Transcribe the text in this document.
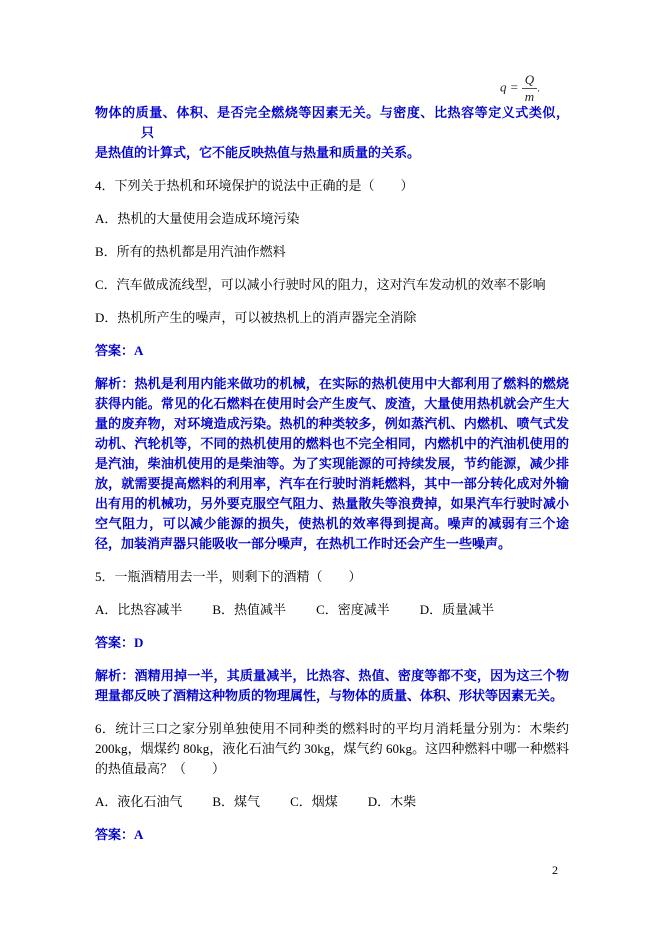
$q = \frac{Q}{m}$ .
物体的质量、体积、是否完全燃烧等因素无关。与密度、比热容等定义式类似，只
是热值的计算式，它不能反映热值与热量和质量的关系。

4．下列关于热机和环境保护的说法中正确的是（　　）

A．热机的大量使用会造成环境污染

B．所有的热机都是用汽油作燃料

C．汽车做成流线型，可以减小行驶时风的阻力，这对汽车发动机的效率不影响

D．热机所产生的噪声，可以被热机上的消声器完全消除

答案：A

解析：热机是利用内能来做功的机械，在实际的热机使用中大都利用了燃料的燃烧获得内能。常见的化石燃料在使用时会产生废气、废渣，大量使用热机就会产生大量的废弃物，对环境造成污染。热机的种类较多，例如蒸汽机、内燃机、喷气式发动机、汽轮机等，不同的热机使用的燃料也不完全相同，内燃机中的汽油机使用的是汽油，柴油机使用的是柴油等。为了实现能源的可持续发展，节约能源，减少排放，就需要提高燃料的利用率，汽车在行驶时消耗燃料，其中一部分转化成对外输出有用的机械功，另外要克服空气阻力、热量散失等浪费掉，如果汽车行驶时减小空气阻力，可以减少能源的损失，使热机的效率得到提高。噪声的减弱有三个途径，加装消声器只能吸收一部分噪声，在热机工作时还会产生一些噪声。

5．一瓶酒精用去一半，则剩下的酒精（　　）

A．比热容减半 B．热值减半 C．密度减半 D．质量减半

答案：D

解析：酒精用掉一半，其质量减半，比热容、热值、密度等都不变，因为这三个物理量都反映了酒精这种物质的物理属性，与物体的质量、体积、形状等因素无关。

6．统计三口之家分别单独使用不同种类的燃料时的平均月消耗量分别为：木柴约 200kg，烟煤约 80kg，液化石油气约 30kg，煤气约 60kg。这四种燃料中哪一种燃料的热值最高？（　　）

A．液化石油气 B．煤气 C．烟煤 D．木柴

答案：A

2
